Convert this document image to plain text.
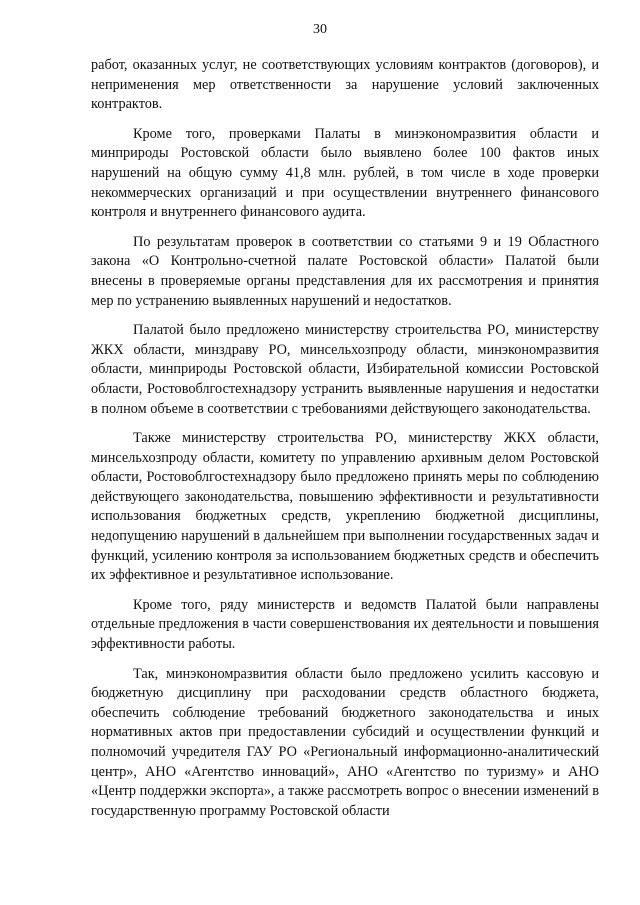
30

работ, оказанных услуг, не соответствующих условиям контрактов (договоров), и неприменения мер ответственности за нарушение условий заключенных контрактов.

Кроме того, проверками Палаты в минэкономразвития области и минприроды Ростовской области было выявлено более 100 фактов иных нарушений на общую сумму 41,8 млн. рублей, в том числе в ходе проверки некоммерческих организаций и при осуществлении внутреннего финансового контроля и внутреннего финансового аудита.

По результатам проверок в соответствии со статьями 9 и 19 Областного закона «О Контрольно-счетной палате Ростовской области» Палатой были внесены в проверяемые органы представления для их рассмотрения и принятия мер по устранению выявленных нарушений и недостатков.

Палатой было предложено министерству строительства РО, министерству ЖКХ области, минздраву РО, минсельхозпроду области, минэкономразвития области, минприроды Ростовской области, Избирательной комиссии Ростовской области, Ростовоблгостехнадзору устранить выявленные нарушения и недостатки в полном объеме в соответствии с требованиями действующего законодательства.

Также министерству строительства РО, министерству ЖКХ области, минсельхозпроду области, комитету по управлению архивным делом Ростовской области, Ростовоблгостехнадзору было предложено принять меры по соблюдению действующего законодательства, повышению эффективности и результативности использования бюджетных средств, укреплению бюджетной дисциплины, недопущению нарушений в дальнейшем при выполнении государственных задач и функций, усилению контроля за использованием бюджетных средств и обеспечить их эффективное и результативное использование.

Кроме того, ряду министерств и ведомств Палатой были направлены отдельные предложения в части совершенствования их деятельности и повышения эффективности работы.

Так, минэкономразвития области было предложено усилить кассовую и бюджетную дисциплину при расходовании средств областного бюджета, обеспечить соблюдение требований бюджетного законодательства и иных нормативных актов при предоставлении субсидий и осуществлении функций и полномочий учредителя ГАУ РО «Региональный информационно-аналитический центр», АНО «Агентство инноваций», АНО «Агентство по туризму» и АНО «Центр поддержки экспорта», а также рассмотреть вопрос о внесении изменений в государственную программу Ростовской области
